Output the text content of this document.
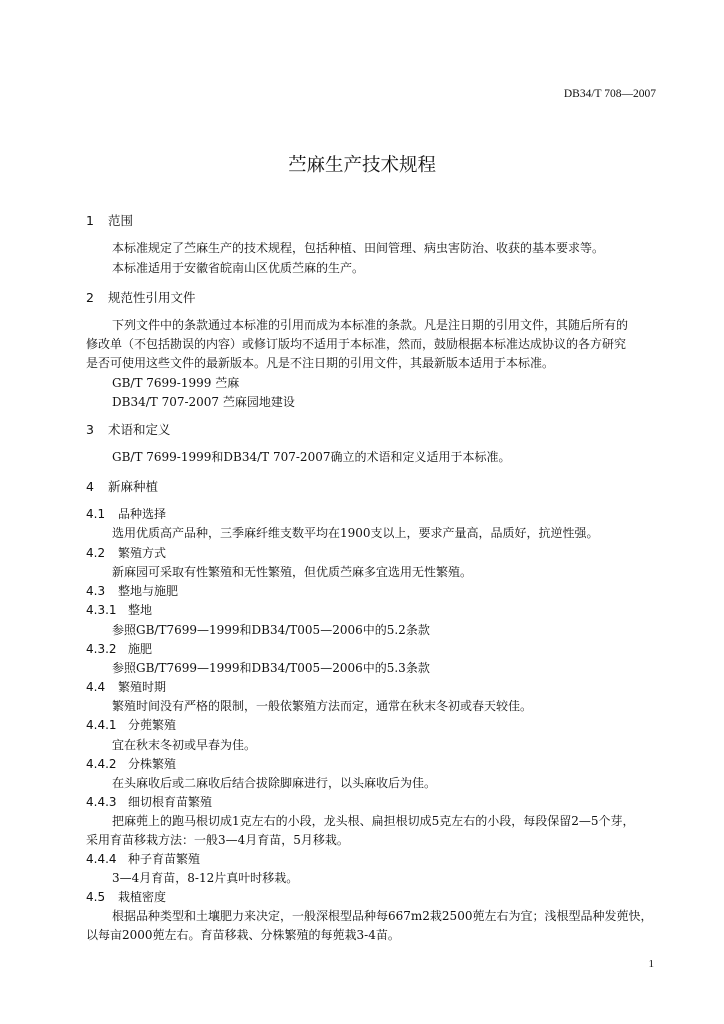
DB34/T 708—2007
苎麻生产技术规程
1 范围
本标准规定了苎麻生产的技术规程，包括种植、田间管理、病虫害防治、收获的基本要求等。
本标准适用于安徽省皖南山区优质苎麻的生产。
2 规范性引用文件
下列文件中的条款通过本标准的引用而成为本标准的条款。凡是注日期的引用文件，其随后所有的
修改单（不包括勘误的内容）或修订版均不适用于本标准，然而，鼓励根据本标准达成协议的各方研究
是否可使用这些文件的最新版本。凡是不注日期的引用文件，其最新版本适用于本标准。
GB/T 7699-1999 苎麻
DB34/T 707-2007 苎麻园地建设
3 术语和定义
GB/T 7699-1999和DB34/T 707-2007确立的术语和定义适用于本标准。
4 新麻种植
4.1 品种选择
选用优质高产品种，三季麻纤维支数平均在1900支以上，要求产量高，品质好，抗逆性强。
4.2 繁殖方式
新麻园可采取有性繁殖和无性繁殖，但优质苎麻多宜选用无性繁殖。
4.3 整地与施肥
4.3.1 整地
参照GB/T7699—1999和DB34/T005—2006中的5.2条款
4.3.2 施肥
参照GB/T7699—1999和DB34/T005—2006中的5.3条款
4.4 繁殖时期
繁殖时间没有严格的限制，一般依繁殖方法而定，通常在秋末冬初或春天较佳。
4.4.1 分蔸繁殖
宜在秋末冬初或早春为佳。
4.4.2 分株繁殖
在头麻收后或二麻收后结合拔除脚麻进行，以头麻收后为佳。
4.4.3 细切根育苗繁殖
把麻蔸上的跑马根切成1克左右的小段，龙头根、扁担根切成5克左右的小段，每段保留2—5个芽，
采用育苗移栽方法：一般3—4月育苗，5月移栽。
4.4.4 种子育苗繁殖
3—4月育苗，8-12片真叶时移栽。
4.5 栽植密度
根据品种类型和土壤肥力来决定，一般深根型品种每667m2栽2500蔸左右为宜；浅根型品种发蔸快，
以每亩2000蔸左右。育苗移栽、分株繁殖的每蔸栽3-4苗。
1
